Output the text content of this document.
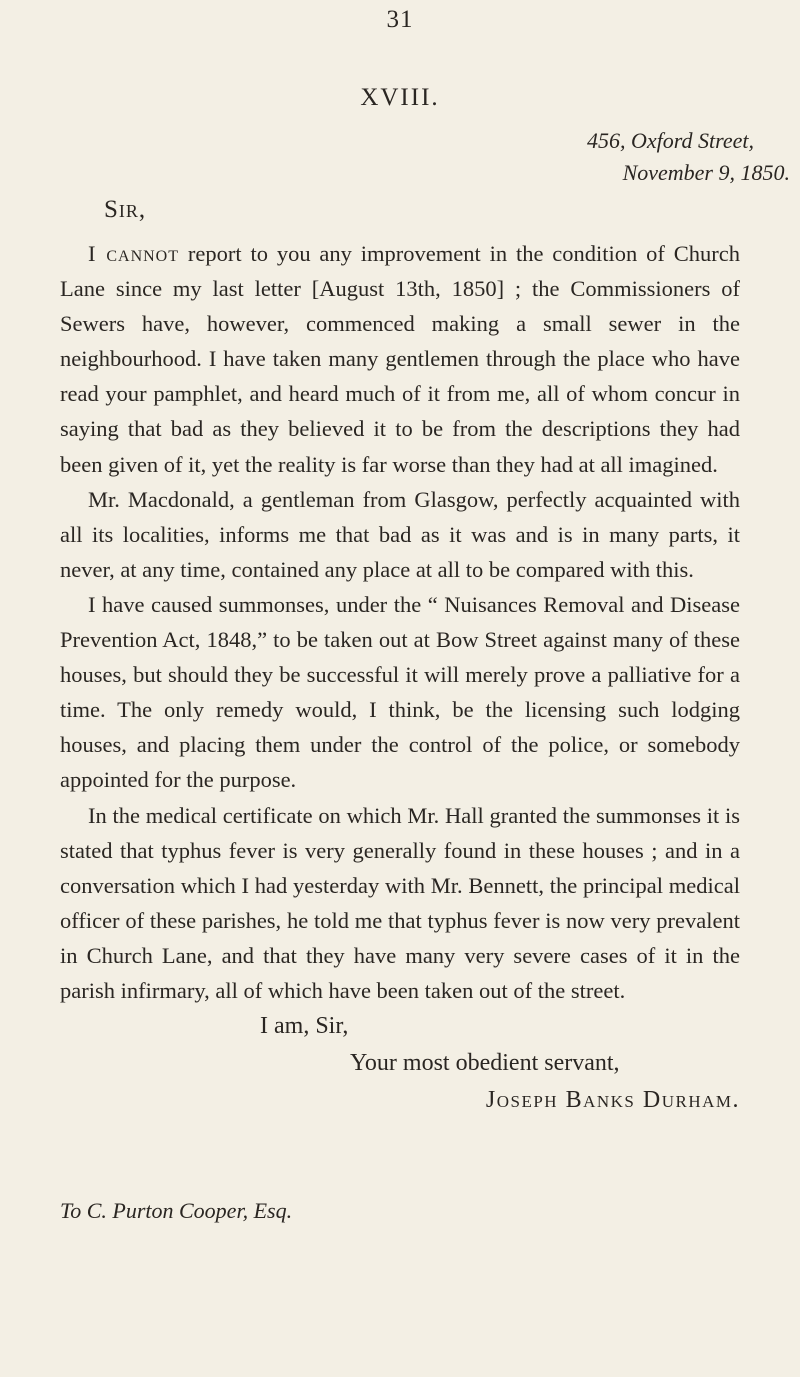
31
XVIII.
456, Oxford Street,
November 9, 1850.
Sir,

I cannot report to you any improvement in the condition of Church Lane since my last letter [August 13th, 1850] ; the Commissioners of Sewers have, however, commenced making a small sewer in the neighbourhood. I have taken many gentlemen through the place who have read your pamphlet, and heard much of it from me, all of whom concur in saying that bad as they believed it to be from the descriptions they had been given of it, yet the reality is far worse than they had at all imagined.

Mr. Macdonald, a gentleman from Glasgow, perfectly acquainted with all its localities, informs me that bad as it was and is in many parts, it never, at any time, contained any place at all to be compared with this.

I have caused summonses, under the “ Nuisances Removal and Disease Prevention Act, 1848,” to be taken out at Bow Street against many of these houses, but should they be successful it will merely prove a palliative for a time. The only remedy would, I think, be the licensing such lodging houses, and placing them under the control of the police, or somebody appointed for the purpose.

In the medical certificate on which Mr. Hall granted the summonses it is stated that typhus fever is very generally found in these houses ; and in a conversation which I had yesterday with Mr. Bennett, the principal medical officer of these parishes, he told me that typhus fever is now very prevalent in Church Lane, and that they have many very severe cases of it in the parish infirmary, all of which have been taken out of the street.

I am, Sir,
Your most obedient servant,
Joseph Banks Durham.
To C. Purton Cooper, Esq.
